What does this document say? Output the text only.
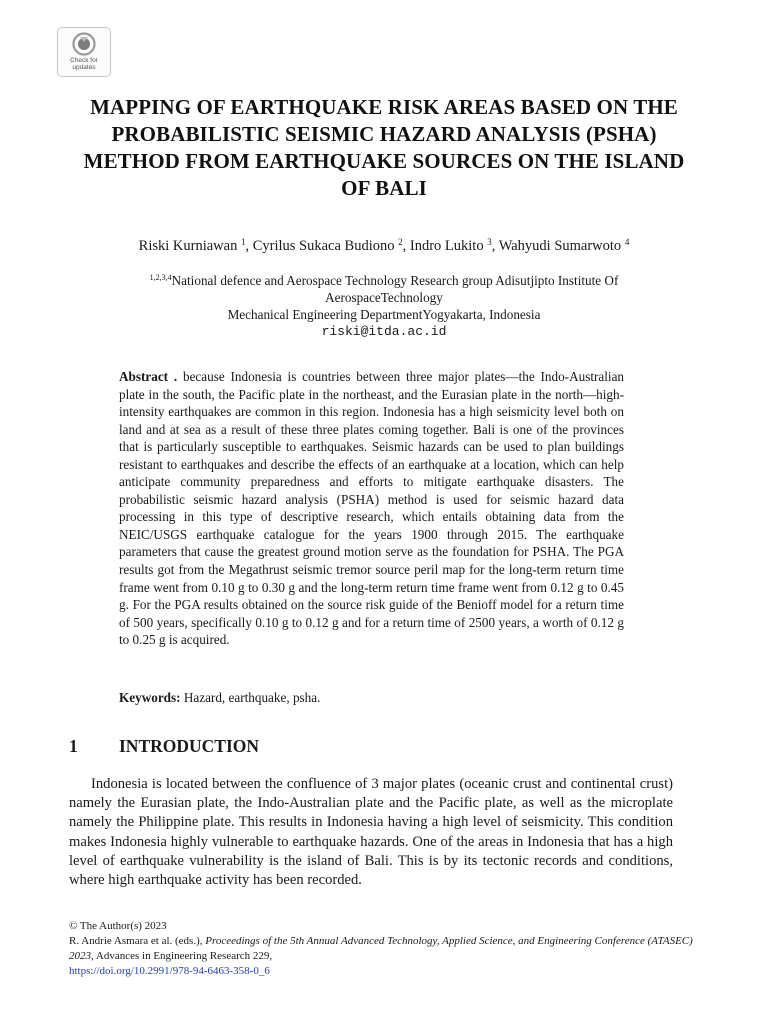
Check for
updates
MAPPING OF EARTHQUAKE RISK AREAS BASED ON THE PROBABILISTIC SEISMIC HAZARD ANALYSIS (PSHA) METHOD FROM EARTHQUAKE SOURCES ON THE ISLAND OF BALI
Riski Kurniawan $^1$, Cyrilus Sukaca Budiono $^2$, Indro Lukito $^3$, Wahyudi Sumarwoto $^4$
$^{1,2,3,4}$National defence and Aerospace Technology Research group Adisutjipto Institute Of
AerospaceTechnology
Mechanical Engineering DepartmentYogyakarta, Indonesia
riski@itda.ac.id
Abstract . because Indonesia is countries between three major plates—the Indo-Australian plate in the south, the Pacific plate in the northeast, and the Eurasian plate in the north—high-intensity earthquakes are common in this region. Indonesia has a high seismicity level both on land and at sea as a result of these three plates coming together. Bali is one of the provinces that is particularly susceptible to earthquakes. Seismic hazards can be used to plan buildings resistant to earthquakes and describe the effects of an earthquake at a location, which can help anticipate community preparedness and efforts to mitigate earthquake disasters. The probabilistic seismic hazard analysis (PSHA) method is used for seismic hazard data processing in this type of descriptive research, which entails obtaining data from the NEIC/USGS earthquake catalogue for the years 1900 through 2015. The earthquake parameters that cause the greatest ground motion serve as the foundation for PSHA. The PGA results got from the Megathrust seismic tremor source peril map for the long-term return time frame went from 0.10 g to 0.30 g and the long-term return time frame went from 0.12 g to 0.45 g. For the PGA results obtained on the source risk guide of the Benioff model for a return time of 500 years, specifically 0.10 g to 0.12 g and for a return time of 2500 years, a worth of 0.12 g to 0.25 g is acquired.
Keywords: Hazard, earthquake, psha.
1 INTRODUCTION
Indonesia is located between the confluence of 3 major plates (oceanic crust and continental crust) namely the Eurasian plate, the Indo-Australian plate and the Pacific plate, as well as the microplate namely the Philippine plate. This results in Indonesia having a high level of seismicity. This condition makes Indonesia highly vulnerable to earthquake hazards. One of the areas in Indonesia that has a high level of earthquake vulnerability is the island of Bali. This is by its tectonic records and conditions, where high earthquake activity has been recorded.
© The Author(s) 2023
R. Andrie Asmara et al. (eds.), Proceedings of the 5th Annual Advanced Technology, Applied Science, and Engineering Conference (ATASEC) 2023, Advances in Engineering Research 229,
https://doi.org/10.2991/978-94-6463-358-0_6
